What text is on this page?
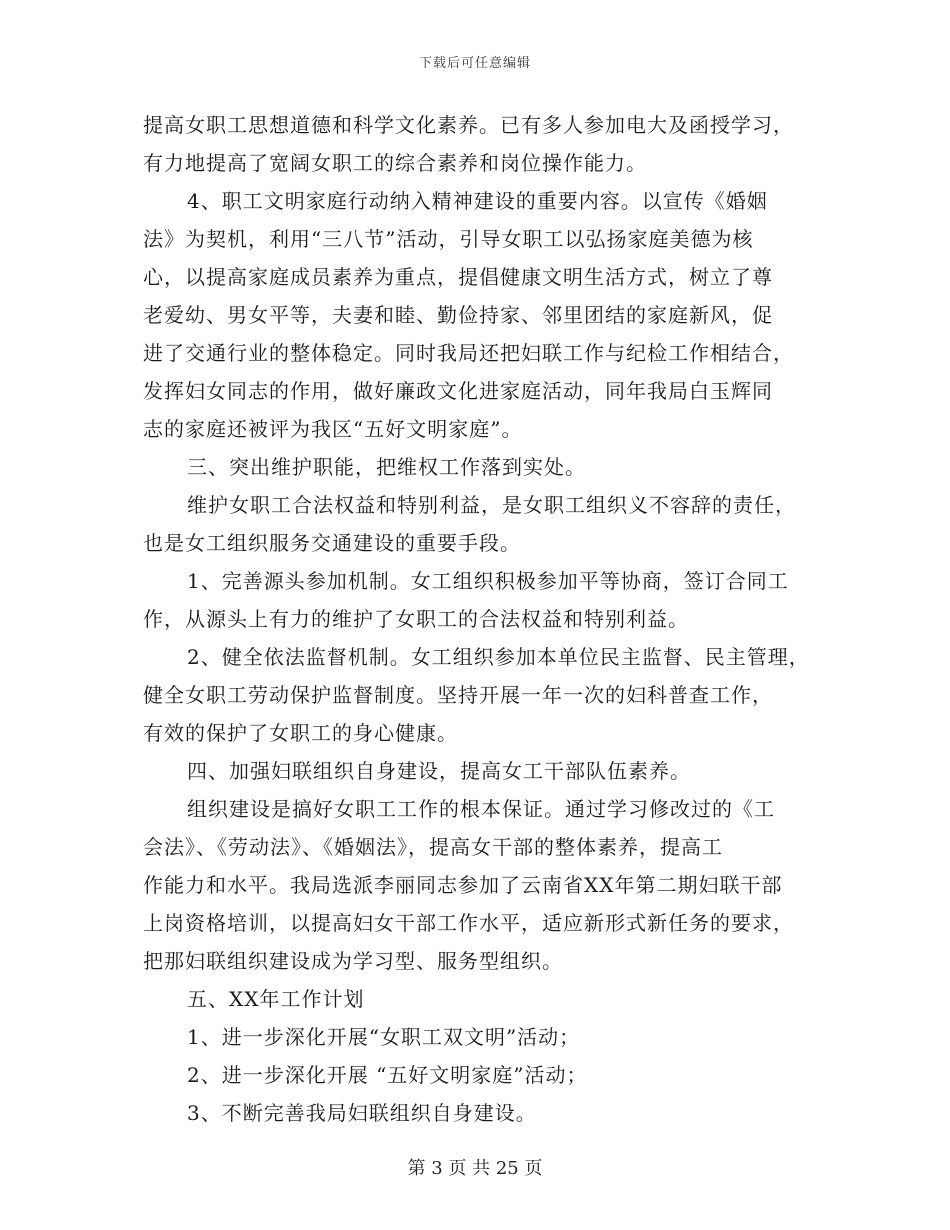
下载后可任意编辑
提高女职工思想道德和科学文化素养。已有多人参加电大及函授学习，
有力地提高了宽阔女职工的综合素养和岗位操作能力。
4、职工文明家庭行动纳入精神建设的重要内容。以宣传《婚姻
法》为契机，利用“三八节”活动，引导女职工以弘扬家庭美德为核
心，以提高家庭成员素养为重点，提倡健康文明生活方式，树立了尊
老爱幼、男女平等，夫妻和睦、勤俭持家、邻里团结的家庭新风，促
进了交通行业的整体稳定。同时我局还把妇联工作与纪检工作相结合，
发挥妇女同志的作用，做好廉政文化进家庭活动，同年我局白玉辉同
志的家庭还被评为我区“五好文明家庭”。
三、突出维护职能，把维权工作落到实处。
维护女职工合法权益和特别利益，是女职工组织义不容辞的责任，
也是女工组织服务交通建设的重要手段。
1、完善源头参加机制。女工组织积极参加平等协商，签订合同工
作，从源头上有力的维护了女职工的合法权益和特别利益。
2、健全依法监督机制。女工组织参加本单位民主监督、民主管理，
健全女职工劳动保护监督制度。坚持开展一年一次的妇科普查工作，
有效的保护了女职工的身心健康。
四、加强妇联组织自身建设，提高女工干部队伍素养。
组织建设是搞好女职工工作的根本保证。通过学习修改过的《工
会法》、《劳动法》、《婚姻法》，提高女干部的整体素养，提高工
作能力和水平。我局选派李丽同志参加了云南省XX年第二期妇联干部
上岗资格培训，以提高妇女干部工作水平，适应新形式新任务的要求，
把那妇联组织建设成为学习型、服务型组织。
五、XX年工作计划
1、进一步深化开展“女职工双文明”活动；
2、进一步深化开展 “五好文明家庭”活动；
3、不断完善我局妇联组织自身建设。
第 3 页 共 25 页
